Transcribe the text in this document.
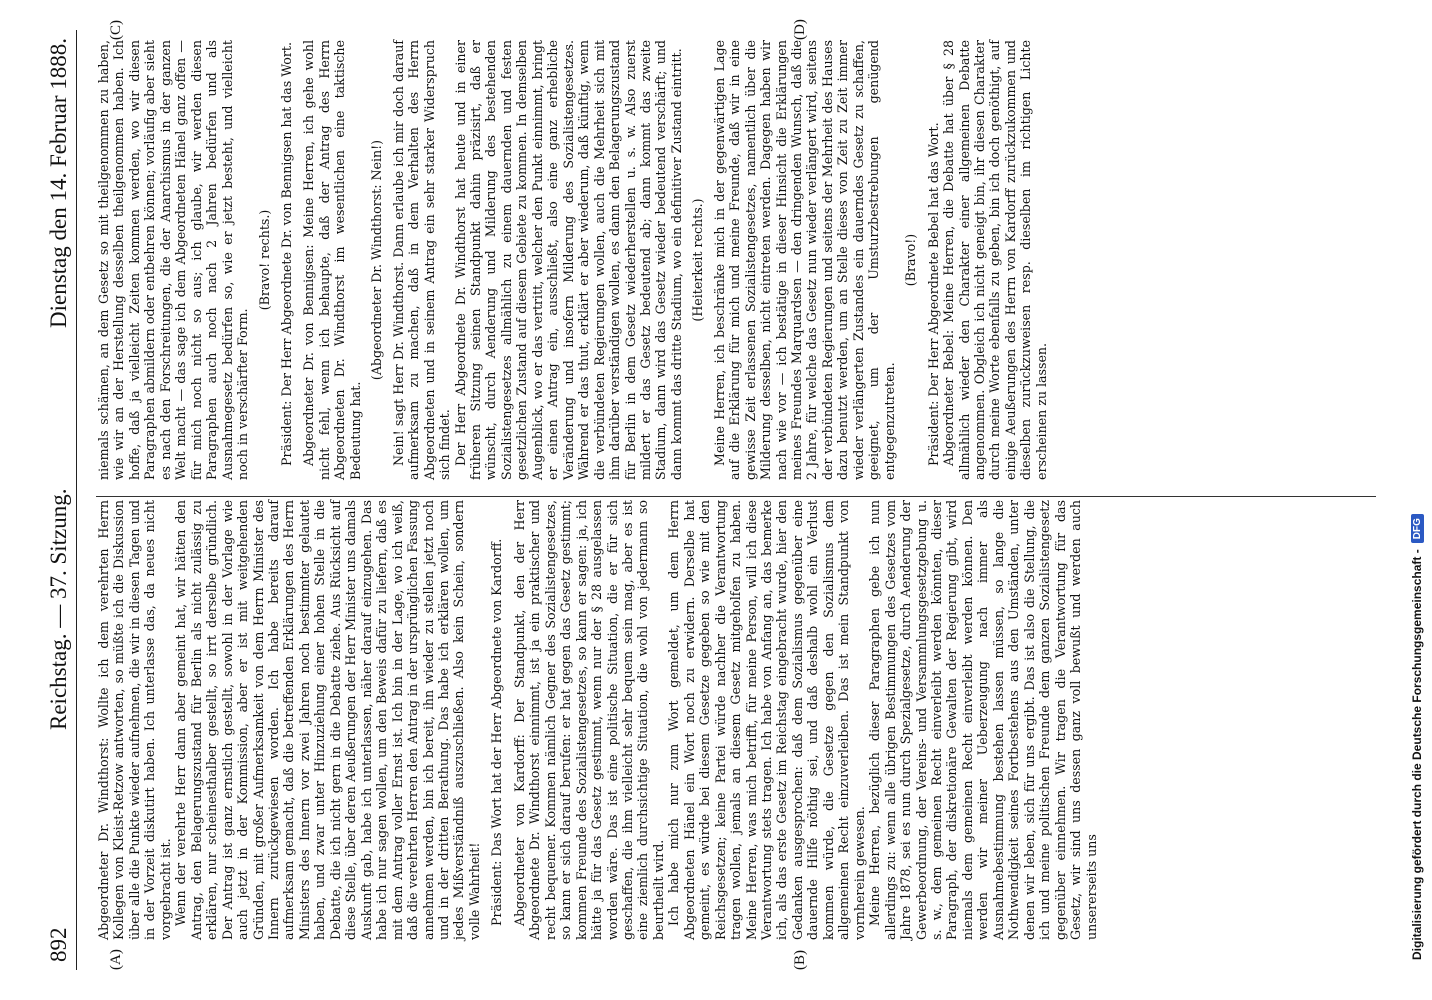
892
Reichstag. — 37. Sitzung.
Dienstag den 14. Februar 1888.
(A)	(B)
(C)	(D)

Abgeordneter Dr. Windthorst: Wollte ich dem verehrten Herrn Kollegen von Kleist-Retzow antworten, so müßte ich die Diskussion über alle die Punkte wieder aufnehmen, die wir in diesen Tagen und in der Vorzeit diskutirt haben. Ich unterlasse das, da neues nicht vorgebracht ist. Wenn der verehrte Herr dann aber gemeint hat, wir hätten den Antrag, den Belagerungszustand für Berlin als nicht zulässig zu erklären, nur scheinesthalber gestellt, so irrt derselbe gründlich. Der Antrag ist ganz ernstlich gestellt, sowohl in der Vorlage wie auch jetzt in der Kommission, aber er ist mit weitgehenden Gründen, mit großer Aufmerksamkeit von dem Herrn Minister des Innern zurückgewiesen worden. Ich habe bereits darauf aufmerksam gemacht, daß die betreffenden Erklärungen des Herrn Ministers des Innern vor zwei Jahren noch bestimmter gelautet haben, und zwar unter Hinzuziehung einer hohen Stelle in die Debatte, die ich nicht gern in die Debatte ziehe. Aus Rücksicht auf diese Stelle, über deren Aeußerungen der Herr Minister uns damals Auskunft gab, habe ich unterlassen, näher darauf einzugehen. Das habe ich nur sagen wollen, um den Beweis dafür zu liefern, daß es mit dem Antrag voller Ernst ist. Ich bin in der Lage, wo ich weiß, daß die verehrten Herren den Antrag in der ursprünglichen Fassung annehmen werden, bin ich bereit, ihn wieder zu stellen jetzt noch und in der dritten Berathung. Das habe ich erklären wollen, um jedes Mißverständniß auszuschließen. Also kein Schein, sondern volle Wahrheit! Präsident: Das Wort hat der Herr Abgeordnete von Kardorff. Abgeordneter von Kardorff: Der Standpunkt, den der Herr Abgeordnete Dr. Windthorst einnimmt, ist ja ein praktischer und recht bequemer. Kommen nämlich Gegner des Sozialistengesetzes, so kann er sich darauf berufen: er hat gegen das Gesetz gestimmt; kommen Freunde des Sozialistengesetzes, so kann er sagen: ja, ich hätte ja für das Gesetz gestimmt, wenn nur der § 28 ausgelassen worden wäre. Das ist eine politische Situation, die er für sich geschaffen, die ihm vielleicht sehr bequem sein mag, aber es ist eine ziemlich durchsichtige Situation, die wohl von jedermann so beurtheilt wird. Ich habe mich nur zum Wort gemeldet, um dem Herrn Abgeordneten Hänel ein Wort noch zu erwidern. Derselbe hat gemeint, es würde bei diesem Gesetze gegeben so wie mit den Reichsgesetzen; keine Partei würde nachher die Verantwortung tragen wollen, jemals an diesem Gesetz mitgeholfen zu haben. Meine Herren, was mich betrifft, für meine Person, will ich diese Verantwortung stets tragen. Ich habe von Anfang an, das bemerke ich, als das erste Gesetz im Reichstag eingebracht wurde, hier den Gedanken ausgesprochen: daß dem Sozialismus gegenüber eine dauernde Hilfe nöthig sei, und daß deshalb wohl ein Verlust kommen würde, die Gesetze gegen den Sozialismus dem allgemeinen Recht einzuverleiben. Das ist mein Standpunkt von vornherein gewesen. Meine Herren, bezüglich dieser Paragraphen gebe ich nun allerdings zu: wenn alle übrigen Bestimmungen des Gesetzes vom Jahre 1878, sei es nun durch Spezialgesetze, durch Aenderung der Gewerbeordnung, der Vereins- und Versammlungsgesetzgebung u. s. w., dem gemeinen Recht einverleibt werden könnten, dieser Paragraph, der diskretionäre Gewalten der Regierung gibt, wird niemals dem gemeinen Recht einverleibt werden können. Den werden wir meiner Ueberzeugung nach immer als Ausnahmebestimmung bestehen lassen müssen, so lange die Nothwendigkeit seines Fortbestehens aus den Umständen, unter denen wir leben, sich für uns ergibt. Das ist also die Stellung, die ich und meine politischen Freunde dem ganzen Sozialistengesetz gegenüber einnehmen. Wir tragen die Verantwortung für das Gesetz, wir sind uns dessen ganz voll bewußt und werden auch unsererseits uns

niemals schämen, an dem Gesetz so mit theilgenommen zu haben, wie wir an der Herstellung desselben theilgenommen haben. Ich hoffe, daß ja vielleicht Zeiten kommen werden, wo wir diesen Paragraphen abmildern oder entbehren können; vorläufig aber sieht es nach den Forschreitungen, die der Anarchismus in der ganzen Welt macht — das sage ich dem Abgeordneten Hänel ganz offen — für mich noch nicht so aus; ich glaube, wir werden diesen Paragraphen auch noch nach 2 Jahren bedürfen und als Ausnahmegesetz bedürfen so, wie er jetzt besteht, und vielleicht noch in verschärfter Form.

(Bravo! rechts.) Präsident: Der Herr Abgeordnete Dr. von Bennigsen hat das Wort. Abgeordneter Dr. von Bennigsen: Meine Herren, ich gehe wohl nicht fehl, wenn ich behaupte, daß der Antrag des Herrn Abgeordneten Dr. Windthorst im wesentlichen eine taktische Bedeutung hat.

(Abgeordneter Dr. Windthorst: Nein!) Nein! sagt Herr Dr. Windthorst. Dann erlaube ich mir doch darauf aufmerksam zu machen, daß in dem Verhalten des Herrn Abgeordneten und in seinem Antrag ein sehr starker Widerspruch sich findet. Der Herr Abgeordnete Dr. Windthorst hat heute und in einer früheren Sitzung seinen Standpunkt dahin präzisirt, daß er wünscht, durch Aenderung und Milderung des bestehenden Sozialistengesetzes allmählich zu einem dauernden und festen gesetzlichen Zustand auf diesem Gebiete zu kommen. In demselben Augenblick, wo er das vertritt, welcher den Punkt einnimmt, bringt er einen Antrag ein, ausschließt, also eine ganz erhebliche Veränderung und insofern Milderung des Sozialistengesetzes. Während er das thut, erklärt er aber wiederum, daß künftig, wenn die verbündeten Regierungen wollen, auch die Mehrheit sich mit ihm darüber verständigen wollen, es dann den Belagerungszustand für Berlin in dem Gesetz wiederherstellen u. s. w. Also zuerst mildert er das Gesetz bedeutend ab; dann kommt das zweite Stadium, dann wird das Gesetz wieder bedeutend verschärft; und dann kommt das dritte Stadium, wo ein definitiver Zustand eintritt. (Heiterkeit rechts.) Meine Herren, ich beschränke mich in der gegenwärtigen Lage auf die Erklärung für mich und meine Freunde, daß wir in eine gewisse Zeit erlassenen Sozialistengesetzes, namentlich über die Milderung desselben, nicht eintreten werden. Dagegen haben wir nach wie vor — ich bestätige in dieser Hinsicht die Erklärungen meines Freundes Marquardsen — den dringenden Wunsch, daß die 2 Jahre, für welche das Gesetz nun wieder verlängert wird, seitens der verbündeten Regierungen und seitens der Mehrheit des Hauses dazu benutzt werden, um an Stelle dieses von Zeit zu Zeit immer wieder verlängerten Zustandes ein dauerndes Gesetz zu schaffen, geeignet, um der Umsturzbestrebungen genügend entgegenzutreten.

(Bravo!) Präsident: Der Herr Abgeordnete Bebel hat das Wort. Abgeordneter Bebel: Meine Herren, die Debatte hat über § 28 allmählich wieder den Charakter einer allgemeinen Debatte angenommen. Obgleich ich nicht geneigt bin, ihr diesen Charakter durch meine Worte ebenfalls zu geben, bin ich doch genöthigt, auf einige Aeußerungen des Herrn von Kardorff zurückzukommen und dieselben zurückzuweisen resp. dieselben im richtigen Lichte erscheinen zu lassen.

Digitalisierung gefördert durch die Deutsche Forschungsgemeinschaft -
DFG
